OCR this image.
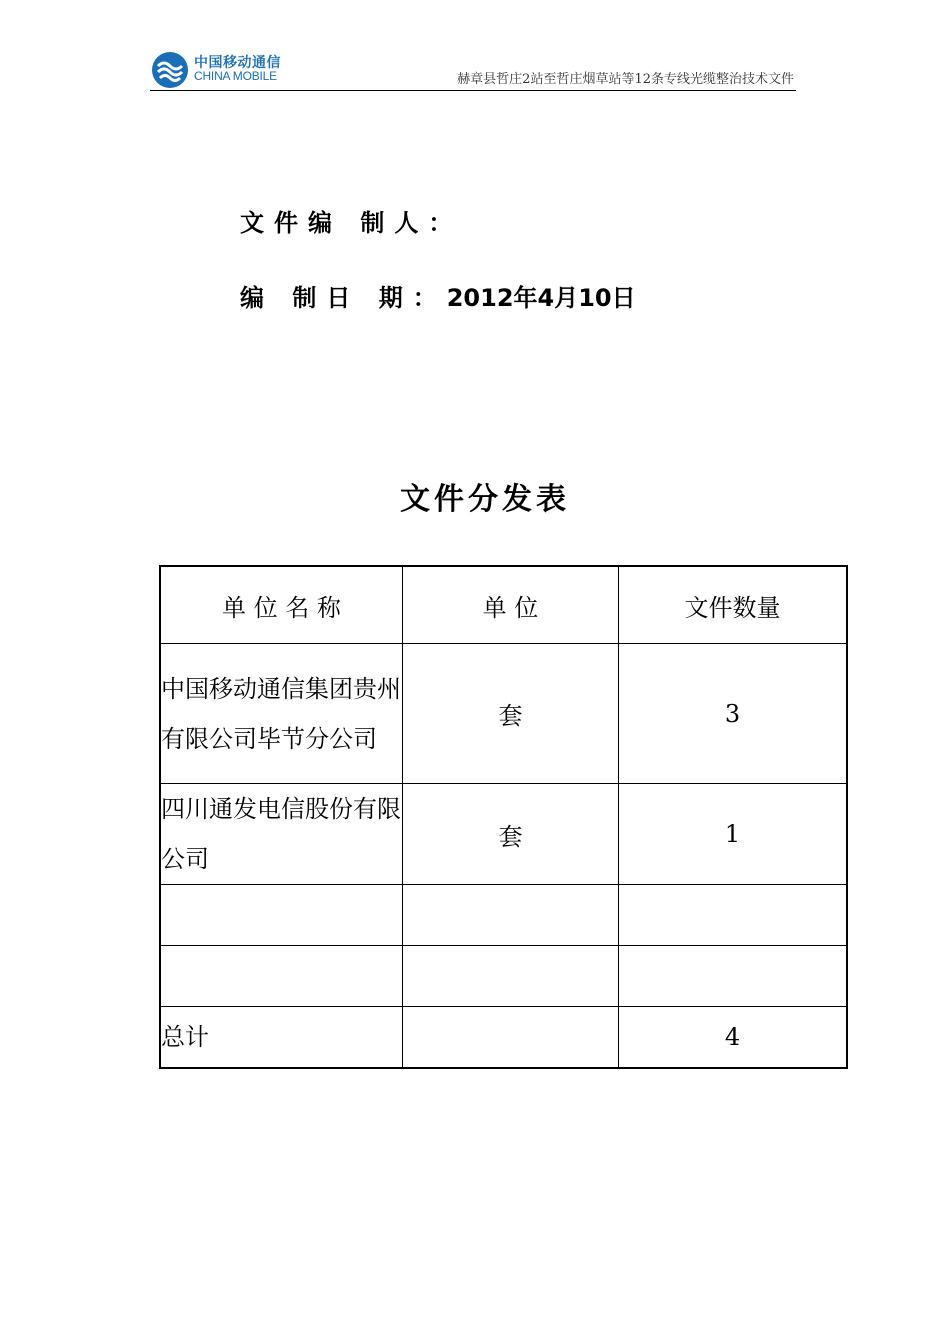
中国移动通信
CHINA MOBILE	赫章县哲庄2站至哲庄烟草站等12条专线光缆整治技术文件
文件编 制人：
编 制日 期：2012年4月10日
文件分发表
单 位 名 称	单 位	文件数量
中国移动通信集团贵州有限公司毕节分公司	套	3
四川通发电信股份有限公司	套	1

总计		4
